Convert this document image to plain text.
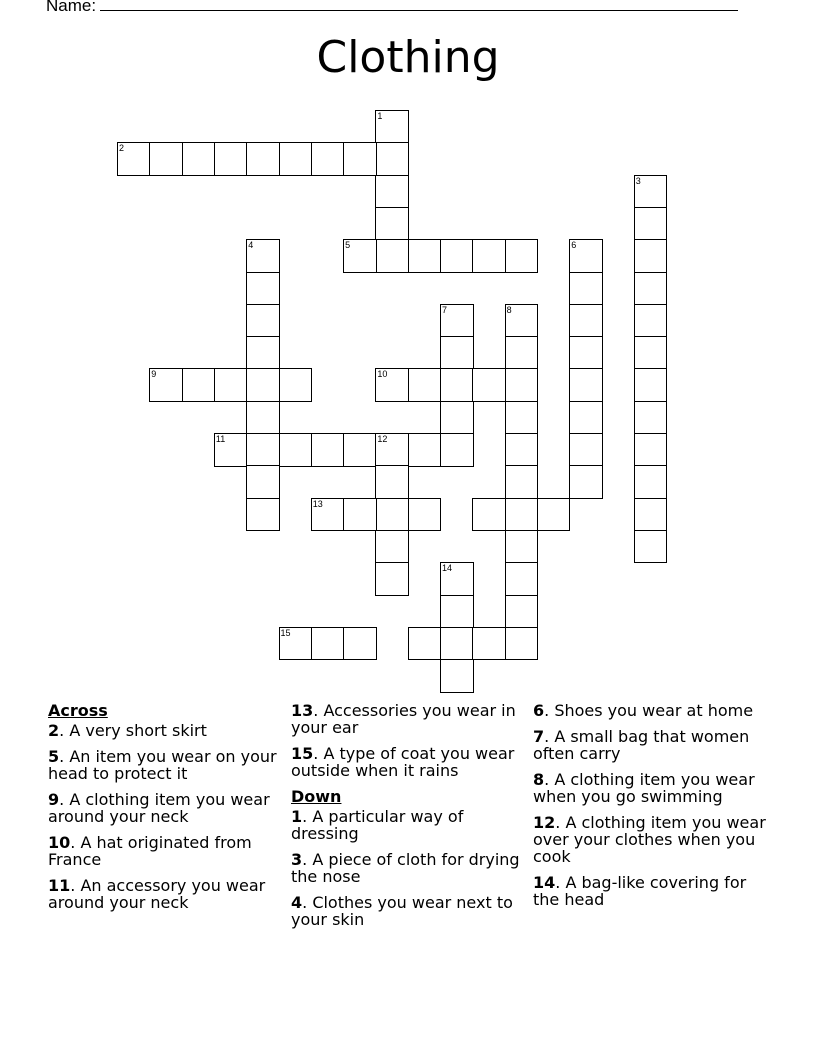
Name:
Clothing
1
2
3
4	5	6
7	8
9	10
11	12
13
14
15
Across
2. A very short skirt
5. An item you wear on your head to protect it
9. A clothing item you wear around your neck
10. A hat originated from France
11. An accessory you wear around your neck
13. Accessories you wear in your ear
15. A type of coat you wear outside when it rains
Down
1. A particular way of dressing
3. A piece of cloth for drying the nose
4. Clothes you wear next to your skin
6. Shoes you wear at home
7. A small bag that women often carry
8. A clothing item you wear when you go swimming
12. A clothing item you wear over your clothes when you cook
14. A bag-like covering for the head
